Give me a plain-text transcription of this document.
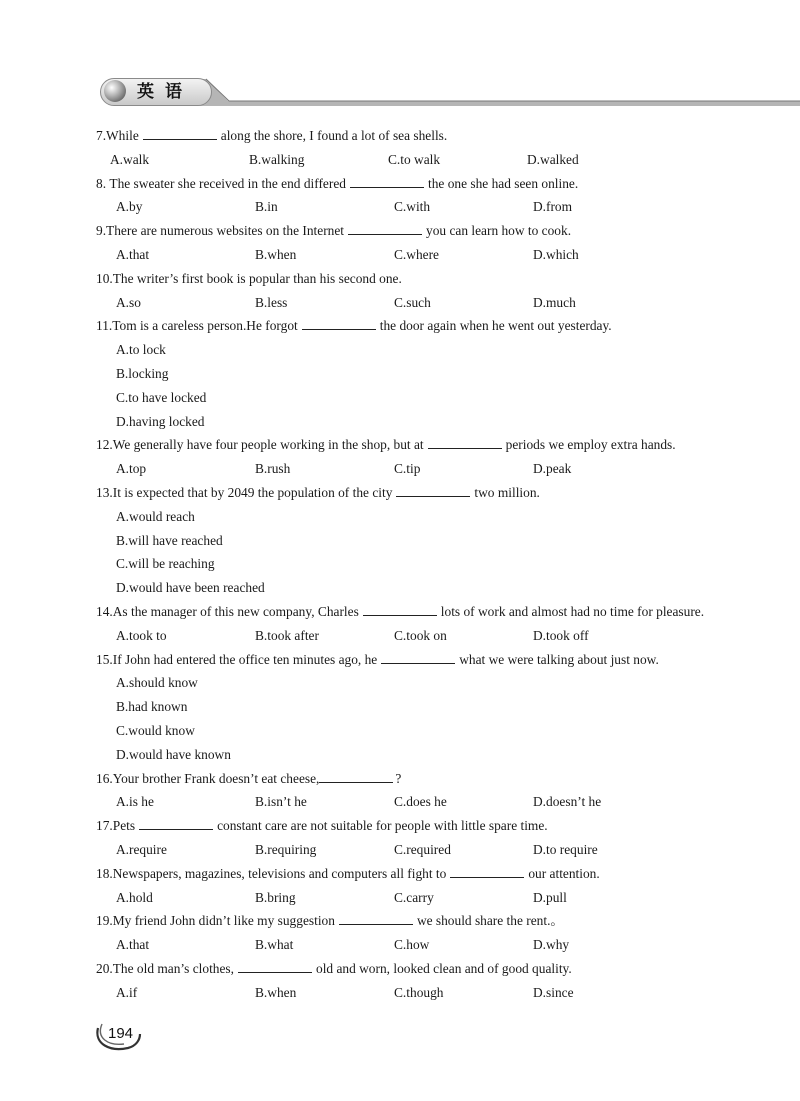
英语
7. While	along the shore, I found a lot of sea shells.
A.walk	B.walking	C.to walk	D.walked
8. The sweater she received in the end differed	the one she had seen online.
A.by	B.in	C.with	D.from
9. There are numerous websites on the Internet	you can learn how to cook.
A.that	B.when	C.where	D.which
10. The writer’s first book is popular than his second one.
A.so	B.less	C.such	D.much
11. Tom is a careless person.He forgot	the door again when he went out yesterday.
A.to lock
B.locking
C.to have locked
D.having locked
12. We generally have four people working in the shop, but at	periods we employ extra hands.
A.top	B.rush	C.tip	D.peak
13. It is expected that by 2049 the population of the city	two million.
A.would reach
B.will have reached
C.will be reaching
D.would have been reached
14. As the manager of this new company, Charles	lots of work and almost had no time for pleasure.
A.took to	B.took after	C.took on	D.took off
15. If John had entered the office ten minutes ago, he	what we were talking about just now.
A.should know
B.had known
C.would know
D.would have known
16. Your brother Frank doesn’t eat cheese,	?
A.is he	B.isn’t he	C.does he	D.doesn’t he
17. Pets	constant care are not suitable for people with little spare time.
A.require	B.requiring	C.required	D.to require
18. Newspapers, magazines, televisions and computers all fight to	our attention.
A.hold	B.bring	C.carry	D.pull
19. My friend John didn’t like my suggestion	we should share the rent.。
A.that	B.what	C.how	D.why
20. The old man’s clothes,	old and worn, looked clean and of good quality.
A.if	B.when	C.though	D.since
194
